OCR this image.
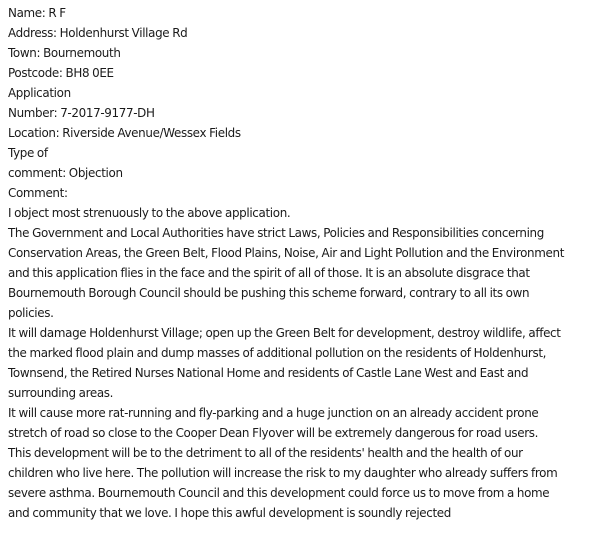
Name: R F
Address: Holdenhurst Village Rd
Town: Bournemouth
Postcode: BH8 0EE
Application
Number: 7-2017-9177-DH
Location: Riverside Avenue/Wessex Fields
Type of
comment: Objection
Comment:
I object most strenuously to the above application.
The Government and Local Authorities have strict Laws, Policies and Responsibilities concerning
Conservation Areas, the Green Belt, Flood Plains, Noise, Air and Light Pollution and the Environment
and this application flies in the face and the spirit of all of those. It is an absolute disgrace that
Bournemouth Borough Council should be pushing this scheme forward, contrary to all its own
policies.
It will damage Holdenhurst Village; open up the Green Belt for development, destroy wildlife, affect
the marked flood plain and dump masses of additional pollution on the residents of Holdenhurst,
Townsend, the Retired Nurses National Home and residents of Castle Lane West and East and
surrounding areas.
It will cause more rat-running and fly-parking and a huge junction on an already accident prone
stretch of road so close to the Cooper Dean Flyover will be extremely dangerous for road users.
This development will be to the detriment to all of the residents' health and the health of our
children who live here. The pollution will increase the risk to my daughter who already suffers from
severe asthma. Bournemouth Council and this development could force us to move from a home
and community that we love. I hope this awful development is soundly rejected
